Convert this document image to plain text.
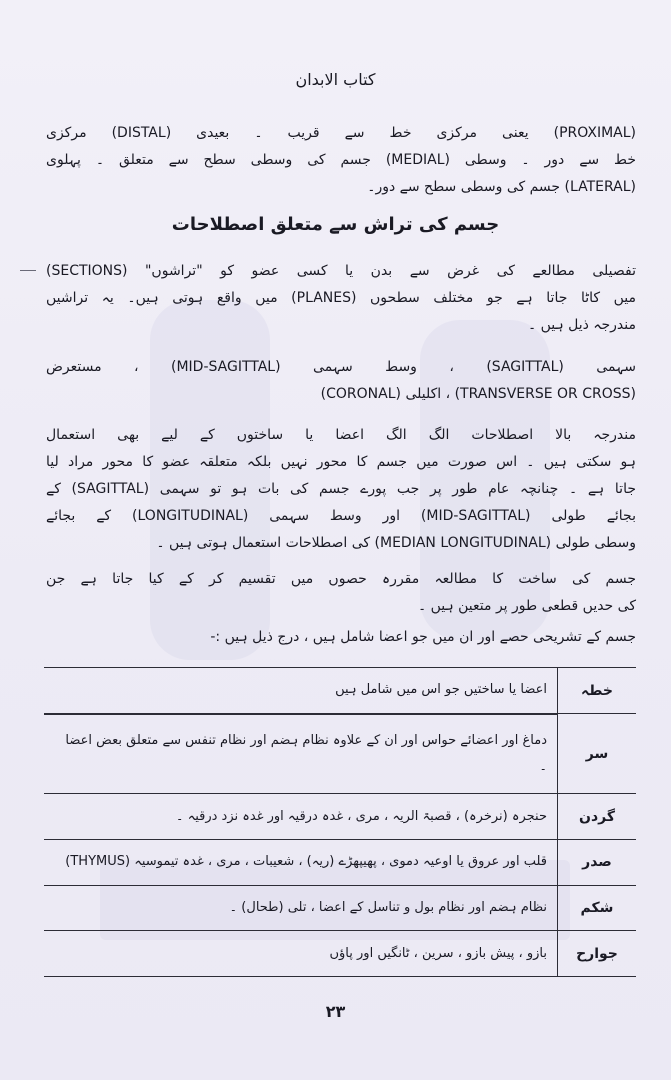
کتاب الابدان
(PROXIMAL) یعنی مرکزی خط سے قریب ۔ بعیدی (DISTAL) مرکزی
خط سے دور ۔ وسطی (MEDIAL) جسم کی وسطی سطح سے متعلق ۔ پہلوی
(LATERAL) جسم کی وسطی سطح سے دور۔
جسم کی تراش سے متعلق اصطلاحات
تفصیلی مطالعے کی غرض سے بدن یا کسی عضو کو "تراشوں" (SECTIONS)
میں کاٹا جاتا ہے جو مختلف سطحوں (PLANES) میں واقع ہوتی ہیں۔ یہ تراشیں
مندرجہ ذیل ہیں ۔
سہمی (SAGITTAL) ، وسط سہمی (MID-SAGITTAL) ، مستعرض
(TRANSVERSE OR CROSS) ، اکلیلی (CORONAL)
مندرجہ بالا اصطلاحات الگ الگ اعضا یا ساختوں کے لیے بھی استعمال
ہو سکتی ہیں ۔ اس صورت میں جسم کا محور نہیں بلکہ متعلقہ عضو کا محور مراد لیا
جاتا ہے ۔ چنانچہ عام طور پر جب پورے جسم کی بات ہو تو سہمی (SAGITTAL) کے
بجائے طولی (MID-SAGITTAL) اور وسط سہمی (LONGITUDINAL) کے بجائے
وسطی طولی (MEDIAN LONGITUDINAL) کی اصطلاحات استعمال ہوتی ہیں ۔
جسم کی ساخت کا مطالعہ مقررہ حصوں میں تقسیم کر کے کیا جاتا ہے جن
کی حدیں قطعی طور پر متعین ہیں ۔
جسم کے تشریحی حصے اور ان میں جو اعضا شامل ہیں ، درج ذیل ہیں :-
خطہ	اعضا یا ساختیں جو اس میں شامل ہیں
سر	دماغ اور اعضائے حواس اور ان کے علاوہ نظام ہضم اور نظام تنفس سے متعلق بعض اعضا ۔
گردن	حنجرہ (نرخرہ) ، قصبۃ الریہ ، مری ، غدہ درقیہ اور غدہ نزد درقیہ ۔
صدر	قلب اور عروق یا اوعیہ دموی ، پھیپھڑے (ریہ) ، شعیبات ، مری ، غدہ تیموسیہ (THYMUS)
شکم	نظام ہضم اور نظام بول و تناسل کے اعضا ، تلی (طحال) ۔
جوارح	بازو ، پیش بازو ، سرین ، ٹانگیں اور پاؤں
۲۳
